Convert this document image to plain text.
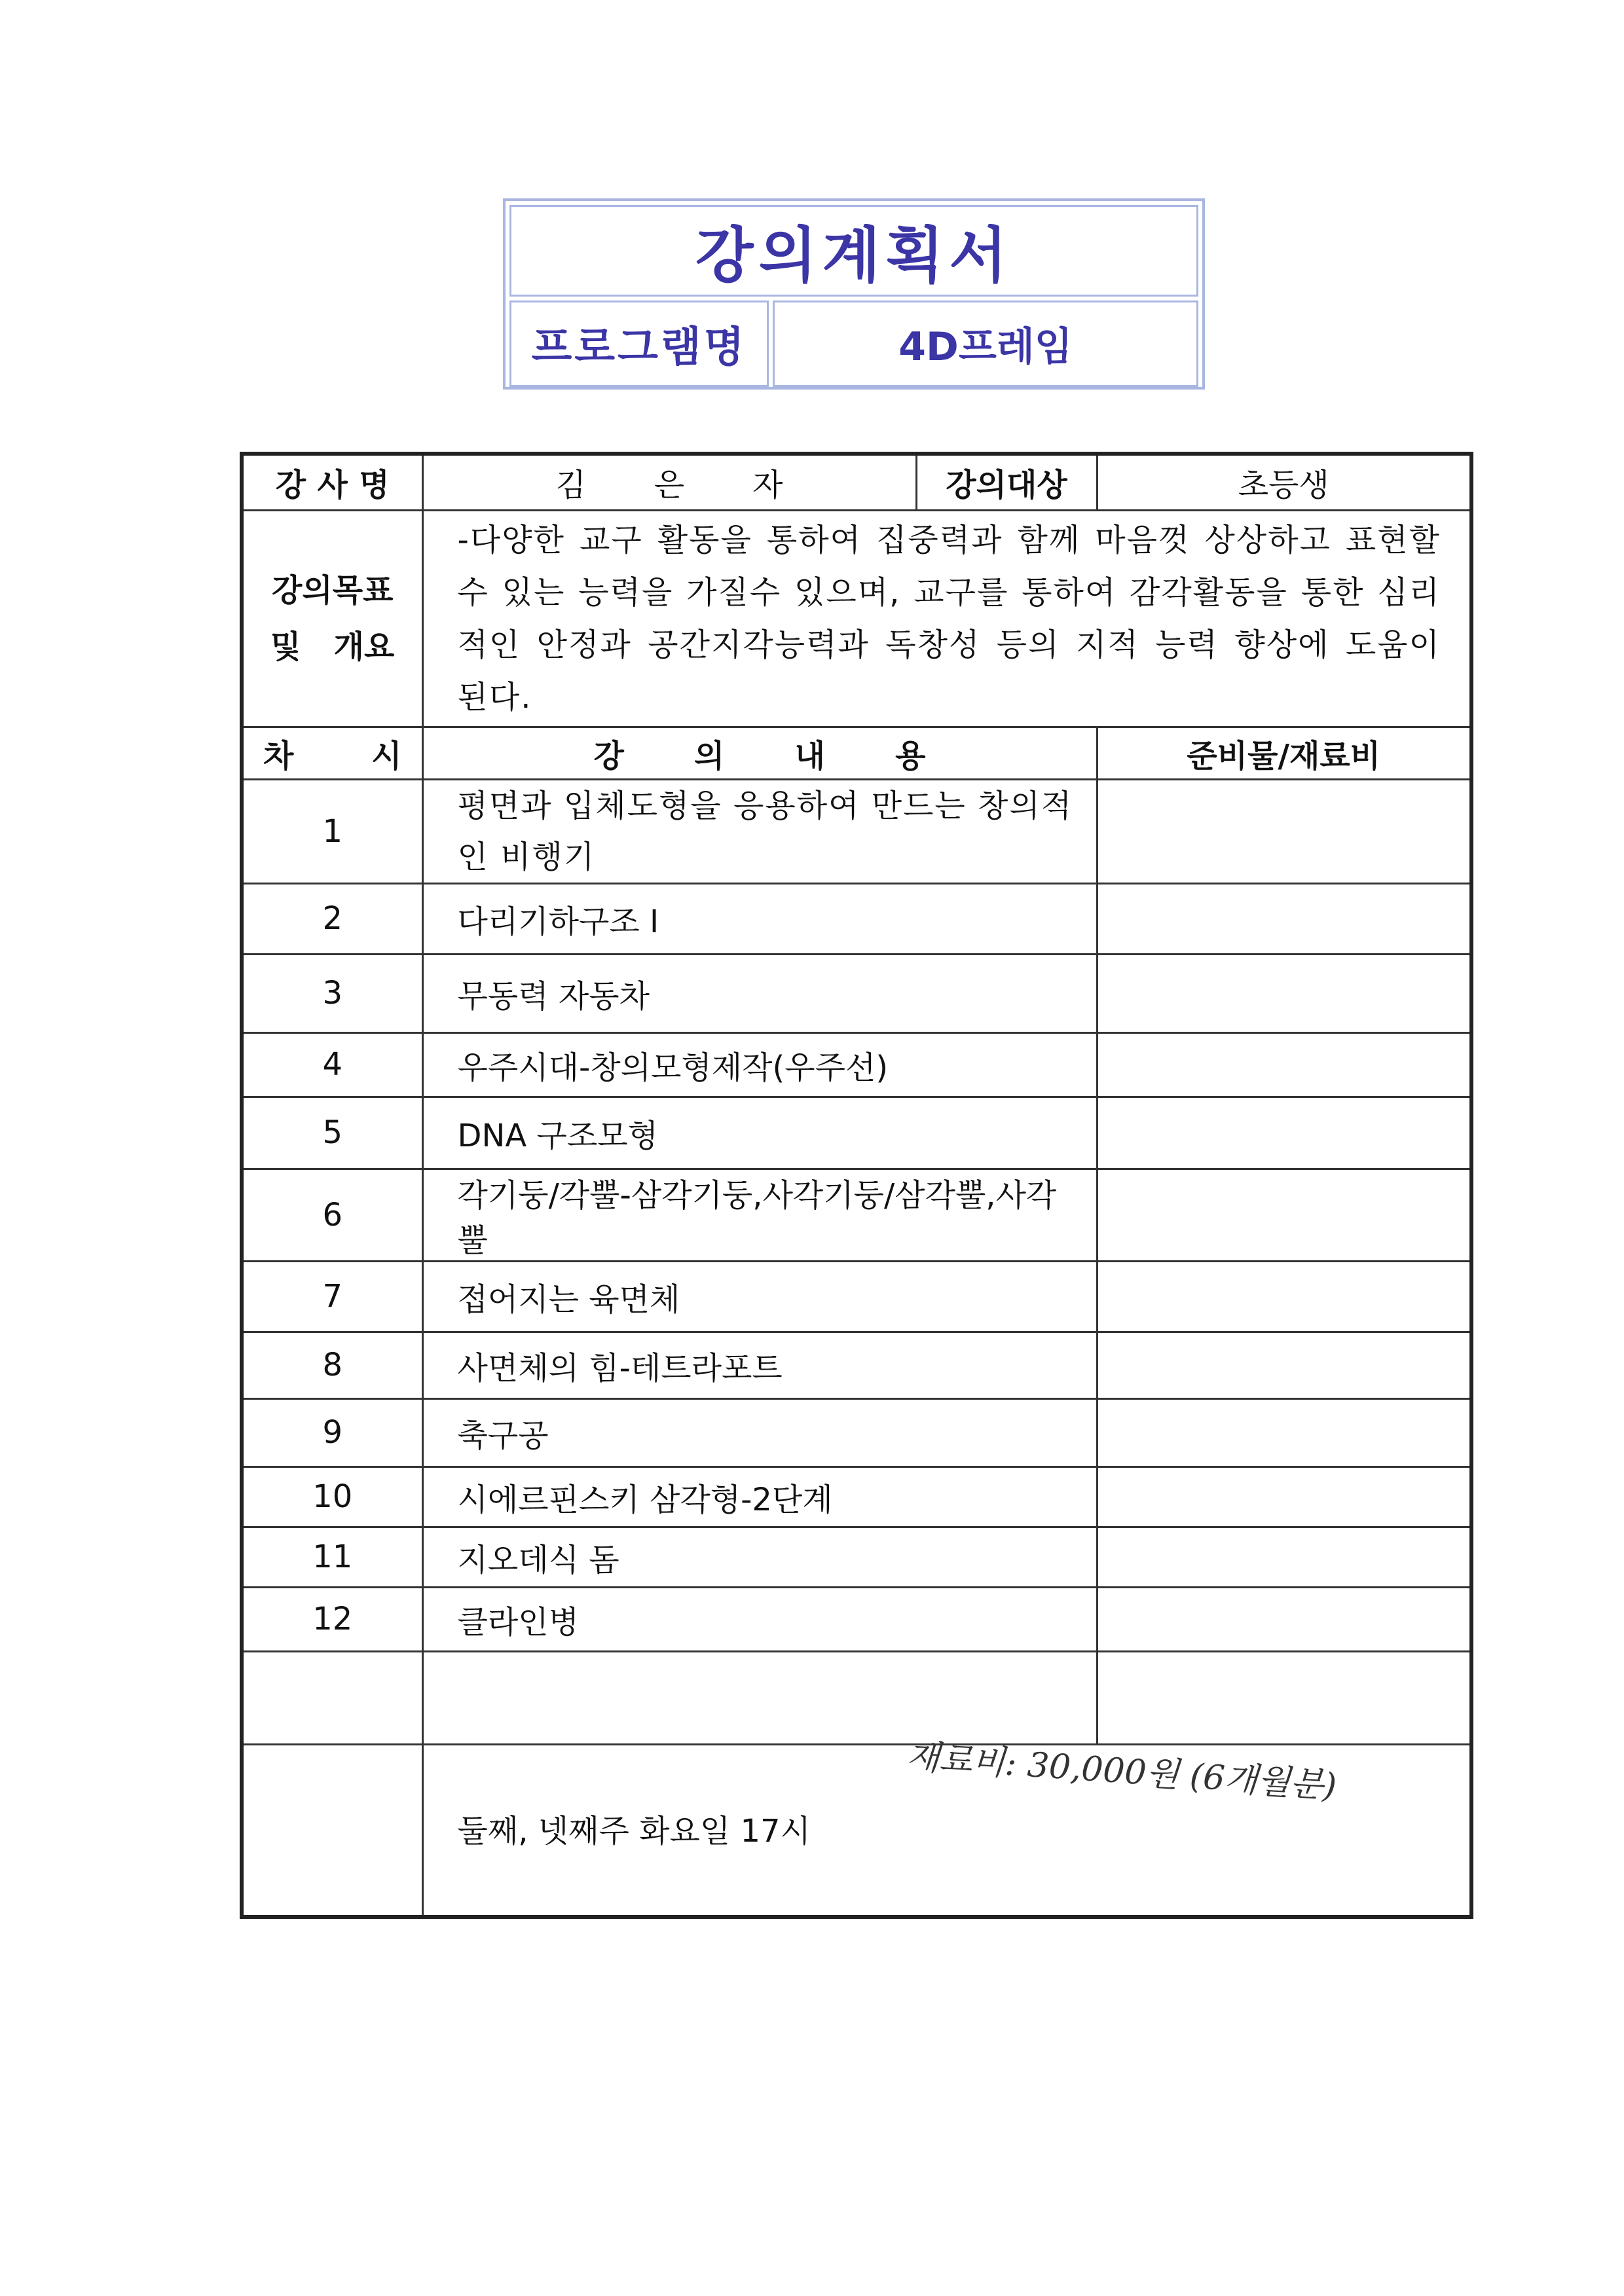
강의계획서
프로그램명	4D프레임
강 사 명	김 은 자	강의대상	초등생

강의목표
및   개요	-다양한 교구 활동을 통하여 집중력과 함께 마음껏 상상하고 표현할 수 있는 능력을 가질수 있으며, 교구를 통하여 감각활동을 통한 심리적인 안정과 공간지각능력과 독창성 등의 지적 능력 향상에 도움이 된다.		

차 시	강 의 내 용		준비물/재료비
1	평면과 입체도형을 응용하여 만드는 창의적인 비행기		
2	다리기하구조 Ⅰ		
3	무동력 자동차		
4	우주시대-창의모형제작(우주선)		
5	DNA 구조모형		
6	각기둥/각뿔-삼각기둥,사각기둥/삼각뿔,사각뿔		
7	접어지는 육면체		
8	사면체의 힘-테트라포트		
9	축구공		
10	시에르핀스키 삼각형-2단계		
11	지오데식 돔		
12	클라인병		

	둘째, 넷째주 화요일 17시		
재료비: 30,000원 (6개월분)
